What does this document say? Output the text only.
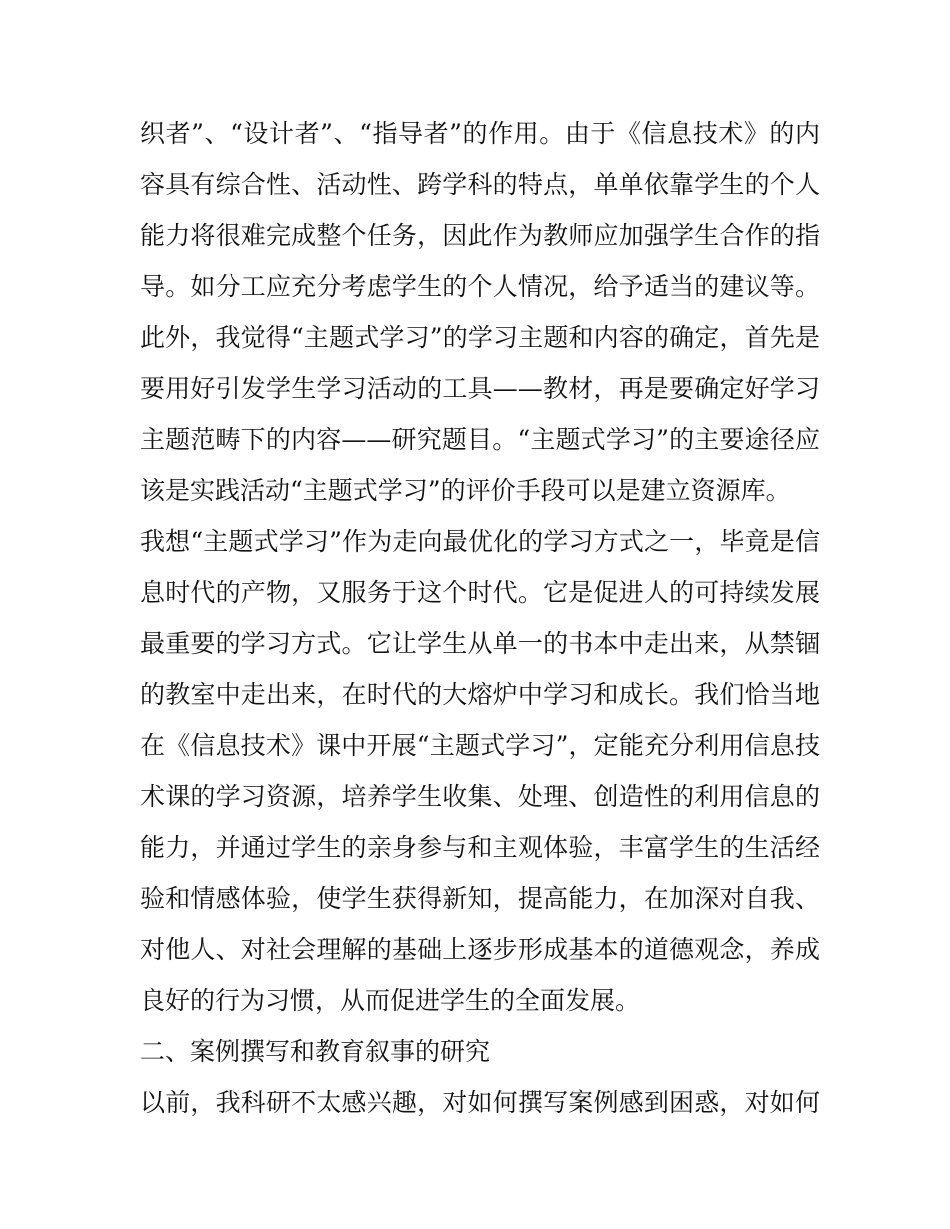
织者”、“设计者”、“指导者”的作用。由于《信息技术》的内
容具有综合性、活动性、跨学科的特点，单单依靠学生的个人
能力将很难完成整个任务，因此作为教师应加强学生合作的指
导。如分工应充分考虑学生的个人情况，给予适当的建议等。
此外，我觉得“主题式学习”的学习主题和内容的确定，首先是
要用好引发学生学习活动的工具——教材，再是要确定好学习
主题范畴下的内容——研究题目。“主题式学习”的主要途径应
该是实践活动“主题式学习”的评价手段可以是建立资源库。
我想“主题式学习”作为走向最优化的学习方式之一，毕竟是信
息时代的产物，又服务于这个时代。它是促进人的可持续发展
最重要的学习方式。它让学生从单一的书本中走出来，从禁锢
的教室中走出来，在时代的大熔炉中学习和成长。我们恰当地
在《信息技术》课中开展“主题式学习”，定能充分利用信息技
术课的学习资源，培养学生收集、处理、创造性的利用信息的
能力，并通过学生的亲身参与和主观体验，丰富学生的生活经
验和情感体验，使学生获得新知，提高能力，在加深对自我、
对他人、对社会理解的基础上逐步形成基本的道德观念，养成
良好的行为习惯，从而促进学生的全面发展。
二、案例撰写和教育叙事的研究
以前，我科研不太感兴趣，对如何撰写案例感到困惑，对如何
